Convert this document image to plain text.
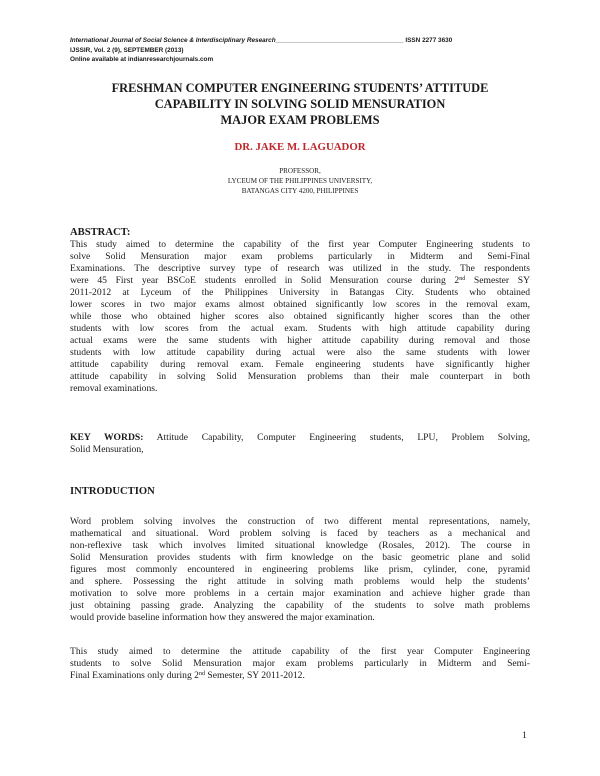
International Journal of Social Science & Interdisciplinary Research____________________________________ ISSN 2277 3630
IJSSIR, Vol. 2 (9), SEPTEMBER (2013)
Online available at indianresearchjournals.com
FRESHMAN COMPUTER ENGINEERING STUDENTS’ ATTITUDE
CAPABILITY IN SOLVING SOLID MENSURATION
MAJOR EXAM PROBLEMS
DR. JAKE M. LAGUADOR
PROFESSOR,
LYCEUM OF THE PHILIPPINES UNIVERSITY,
BATANGAS CITY 4200, PHILIPPINES
ABSTRACT:
This study aimed to determine the capability of the first year Computer Engineering students to
solve Solid Mensuration major exam problems particularly in Midterm and Semi-Final
Examinations. The descriptive survey type of research was utilized in the study. The respondents
were 45 First year BSCoE students enrolled in Solid Mensuration course during 2nd Semester SY
2011-2012 at Lyceum of the Philippines University in Batangas City. Students who obtained
lower scores in two major exams almost obtained significantly low scores in the removal exam,
while those who obtained higher scores also obtained significantly higher scores than the other
students with low scores from the actual exam. Students with high attitude capability during
actual exams were the same students with higher attitude capability during removal and those
students with low attitude capability during actual were also the same students with lower
attitude capability during removal exam. Female engineering students have significantly higher
attitude capability in solving Solid Mensuration problems than their male counterpart in both
removal examinations.
KEY WORDS: Attitude Capability, Computer Engineering students, LPU, Problem Solving,
Solid Mensuration,
INTRODUCTION
Word problem solving involves the construction of two different mental representations, namely,
mathematical and situational. Word problem solving is faced by teachers as a mechanical and
non-reflexive task which involves limited situational knowledge (Rosales, 2012). The course in
Solid Mensuration provides students with firm knowledge on the basic geometric plane and solid
figures most commonly encountered in engineering problems like prism, cylinder, cone, pyramid
and sphere. Possessing the right attitude in solving math problems would help the students’
motivation to solve more problems in a certain major examination and achieve higher grade than
just obtaining passing grade. Analyzing the capability of the students to solve math problems
would provide baseline information how they answered the major examination.
This study aimed to determine the attitude capability of the first year Computer Engineering
students to solve Solid Mensuration major exam problems particularly in Midterm and Semi-
Final Examinations only during 2nd Semester, SY 2011-2012.
1
